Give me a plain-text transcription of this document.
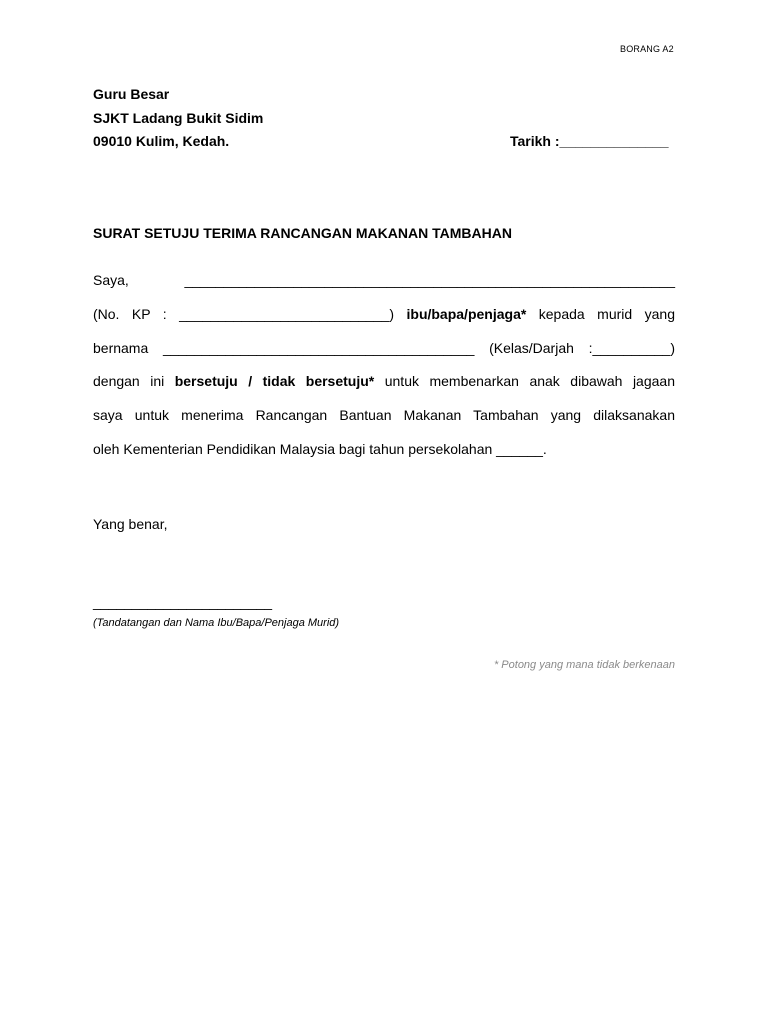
BORANG A2
Guru Besar
SJKT Ladang Bukit Sidim
09010 Kulim, Kedah.	Tarikh :______________
SURAT SETUJU TERIMA RANCANGAN MAKANAN TAMBAHAN
Saya, _______________________________________________________________
(No. KP : ___________________________) ibu/bapa/penjaga* kepada murid yang
bernama ________________________________________ (Kelas/Darjah :__________)
dengan ini bersetuju / tidak bersetuju* untuk membenarkan anak dibawah jagaan
saya untuk menerima Rancangan Bantuan Makanan Tambahan yang dilaksanakan
oleh Kementerian Pendidikan Malaysia bagi tahun persekolahan ______.
Yang benar,
_______________________
(Tandatangan dan Nama Ibu/Bapa/Penjaga Murid)
* Potong yang mana tidak berkenaan
